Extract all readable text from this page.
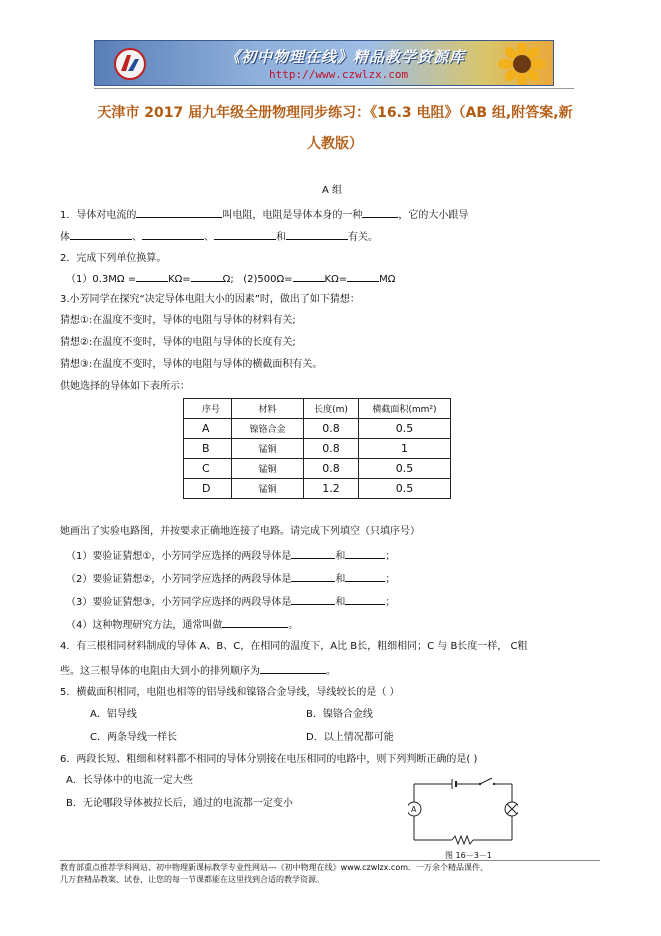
《初中物理在线》精品教学资源库
http://www.czwlzx.com
天津市 2017 届九年级全册物理同步练习：《16.3 电阻》（AB 组,附答案,新
人教版）
A 组
1．导体对电流的	叫电阻，电阻是导体本身的一种	，它的大小跟导
体	、	、	和	有关。
2．完成下列单位换算。
（1）0.3MΩ =	KΩ=	Ω; (2)500Ω=	KΩ=	MΩ
3.小芳同学在探究“决定导体电阻大小的因素”时，做出了如下猜想：
猜想①:在温度不变时，导体的电阻与导体的材料有关;
猜想②:在温度不变时，导体的电阻与导体的长度有关;
猜想③:在温度不变时，导体的电阻与导体的横截面积有关。
供她选择的导体如下表所示：
序号	材料	长度(m)	横截面积(mm²)
A	镍铬合金	0.8	0.5
B	锰铜	0.8	1
C	锰铜	0.8	0.5
D	锰铜	1.2	0.5
她画出了实验电路图，并按要求正确地连接了电路。请完成下列填空（只填序号）
（1）要验证猜想①，小芳同学应选择的两段导体是	和	；
（2）要验证猜想②，小芳同学应选择的两段导体是	和	；
（3）要验证猜想③，小芳同学应选择的两段导体是	和	；
（4）这种物理研究方法，通常叫做	。
4．有三根相同材料制成的导体 A、B、C，在相同的温度下，A比 B长，粗细相同；C 与 B长度一样， C粗
些。这三根导体的电阻由大到小的排列顺序为	。
5．横截面积相同，电阻也相等的铝导线和镍铬合金导线，导线较长的是（ ）
A．铝导线	B．镍铬合金线
C．两条导线一样长	D．以上情况都可能
6．两段长短、粗细和材料都不相同的导体分别接在电压相同的电路中，则下列判断正确的是( )
A．长导体中的电流一定大些
B．无论哪段导体被拉长后，通过的电流都一定变小
A
图 16－3－1
教育部重点推荐学科网站、初中物理新课标教学专业性网站---《初中物理在线》www.czwlzx.com．一万余个精品课件、
几万套精品教案、试卷，让您的每一节课都能在这里找到合适的教学资源。
